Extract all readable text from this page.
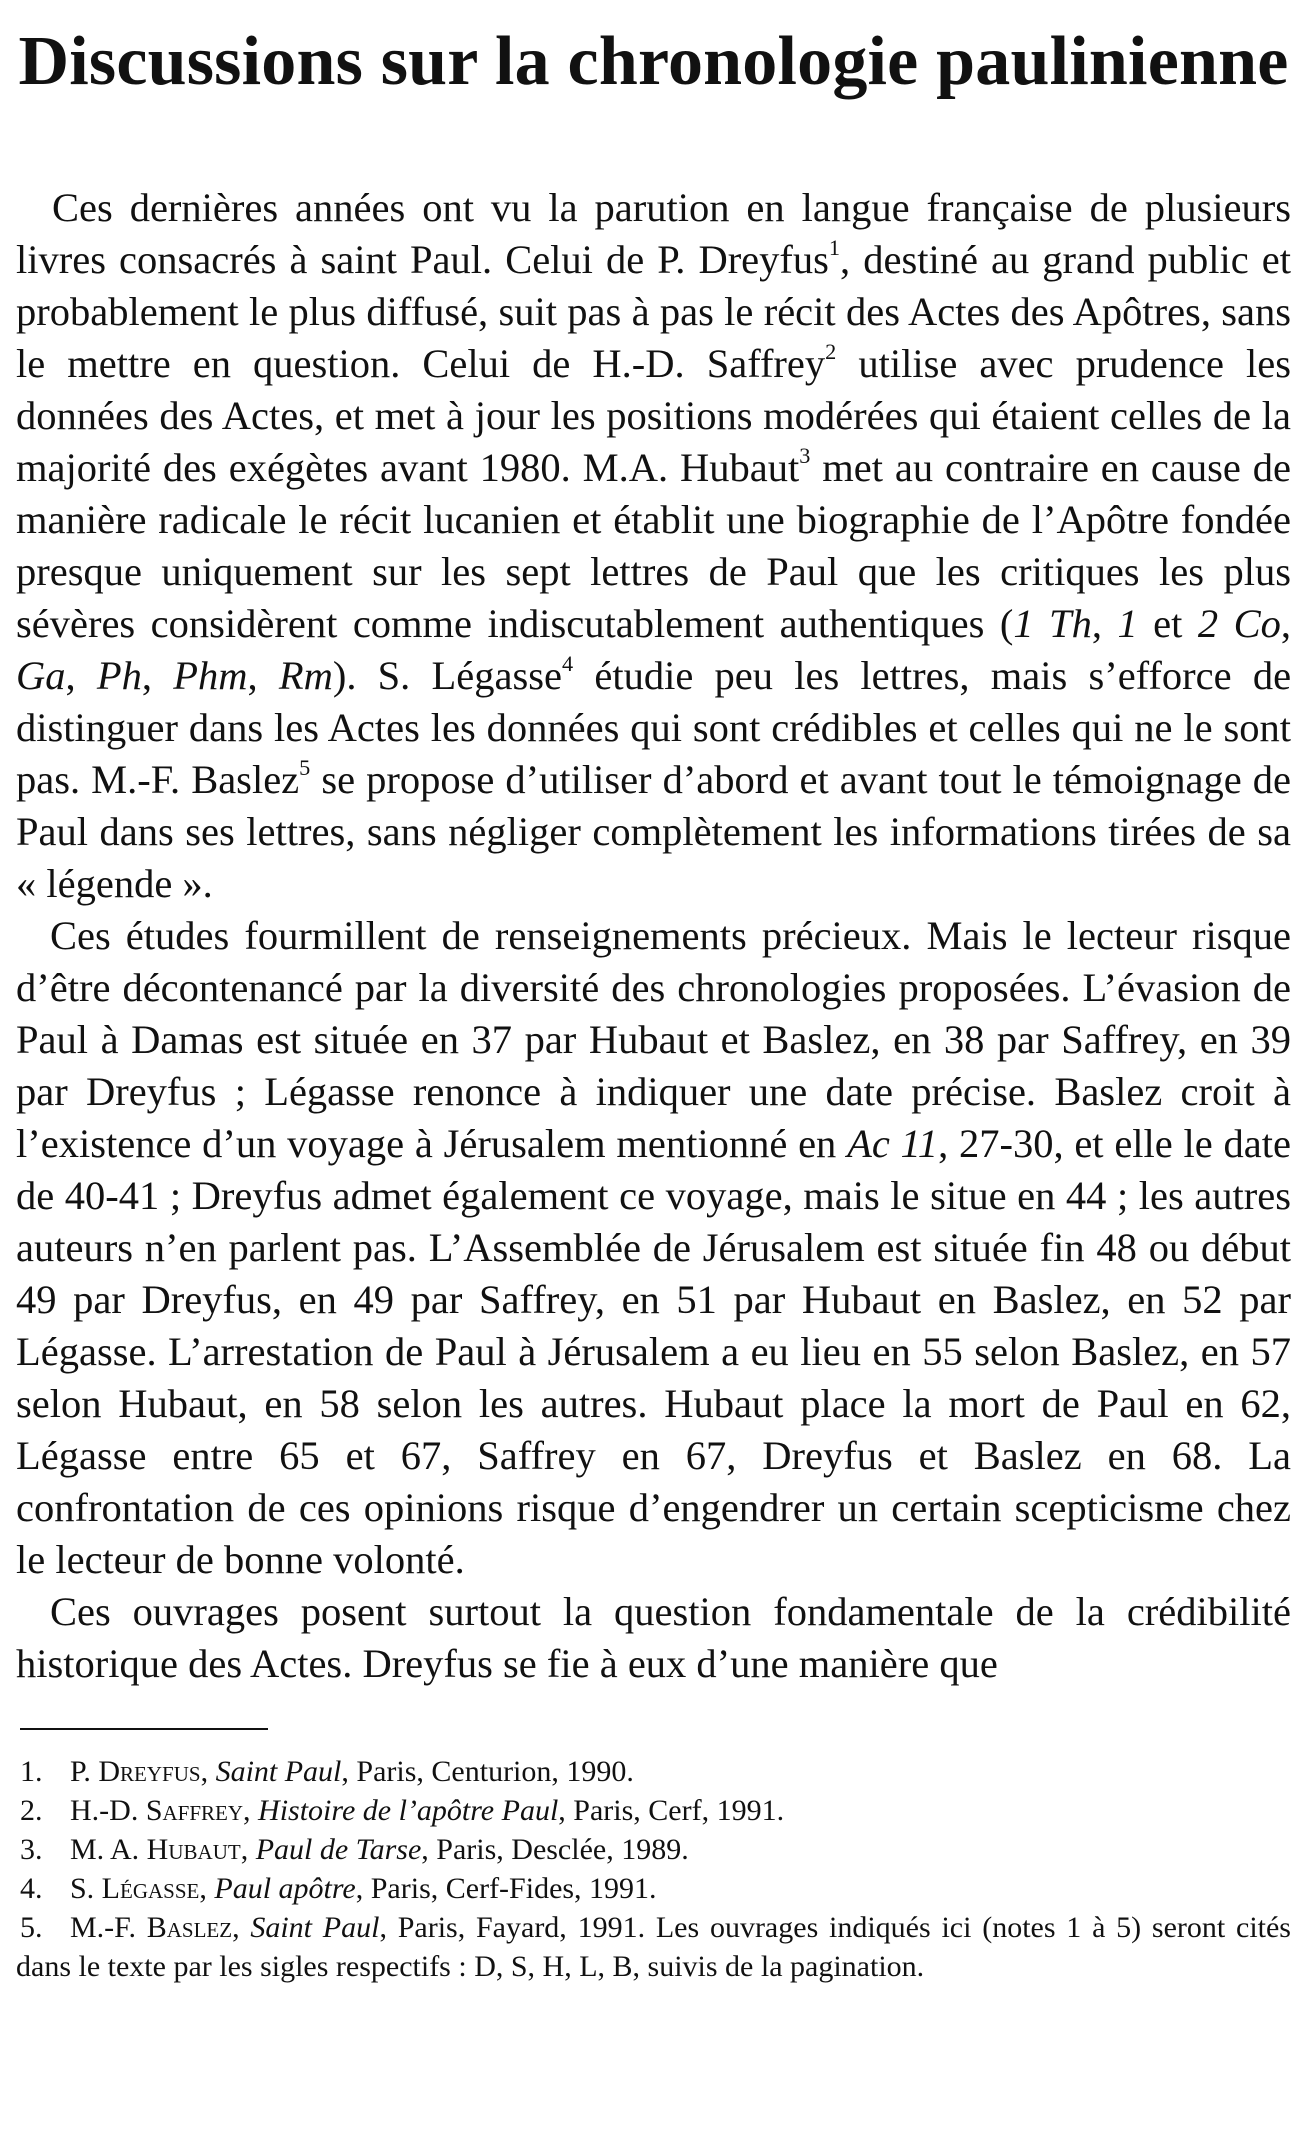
Discussions sur la chronologie paulinienne

Ces dernières années ont vu la parution en langue française de plusieurs livres consacrés à saint Paul. Celui de P. Dreyfus$^1$, destiné au grand public et probablement le plus diffusé, suit pas à pas le récit des Actes des Apôtres, sans le mettre en question. Celui de H.-D. Saffrey$^2$ utilise avec prudence les données des Actes, et met à jour les positions modérées qui étaient celles de la majorité des exégètes avant 1980. M.A. Hubaut$^3$ met au contraire en cause de manière radicale le récit lucanien et établit une biographie de l’Apôtre fondée presque uniquement sur les sept lettres de Paul que les critiques les plus sévères considèrent comme indiscutablement authentiques (1 Th, 1 et 2 Co, Ga, Ph, Phm, Rm). S. Légasse$^4$ étudie peu les lettres, mais s’efforce de distinguer dans les Actes les données qui sont crédibles et celles qui ne le sont pas. M.-F. Baslez$^5$ se propose d’utiliser d’abord et avant tout le témoignage de Paul dans ses lettres, sans négliger complètement les informations tirées de sa « légende ».

Ces études fourmillent de renseignements précieux. Mais le lecteur risque d’être décontenancé par la diversité des chronologies proposées. L’évasion de Paul à Damas est située en 37 par Hubaut et Baslez, en 38 par Saffrey, en 39 par Dreyfus ; Légasse renonce à indiquer une date précise. Baslez croit à l’existence d’un voyage à Jérusalem mentionné en Ac 11, 27-30, et elle le date de 40-41 ; Dreyfus admet également ce voyage, mais le situe en 44 ; les autres auteurs n’en parlent pas. L’Assemblée de Jérusalem est située fin 48 ou début 49 par Dreyfus, en 49 par Saffrey, en 51 par Hubaut en Baslez, en 52 par Légasse. L’arrestation de Paul à Jérusalem a eu lieu en 55 selon Baslez, en 57 selon Hubaut, en 58 selon les autres. Hubaut place la mort de Paul en 62, Légasse entre 65 et 67, Saffrey en 67, Dreyfus et Baslez en 68. La confrontation de ces opinions risque d’engendrer un certain scepticisme chez le lecteur de bonne volonté.

Ces ouvrages posent surtout la question fondamentale de la crédibilité historique des Actes. Dreyfus se fie à eux d’une manière que

1. P. Dreyfus, Saint Paul, Paris, Centurion, 1990.
2. H.-D. Saffrey, Histoire de l’apôtre Paul, Paris, Cerf, 1991.
3. M. A. Hubaut, Paul de Tarse, Paris, Desclée, 1989.
4. S. Légasse, Paul apôtre, Paris, Cerf-Fides, 1991.
5. M.-F. Baslez, Saint Paul, Paris, Fayard, 1991. Les ouvrages indiqués ici (notes 1 à 5) seront cités dans le texte par les sigles respectifs : D, S, H, L, B, suivis de la pagination.
